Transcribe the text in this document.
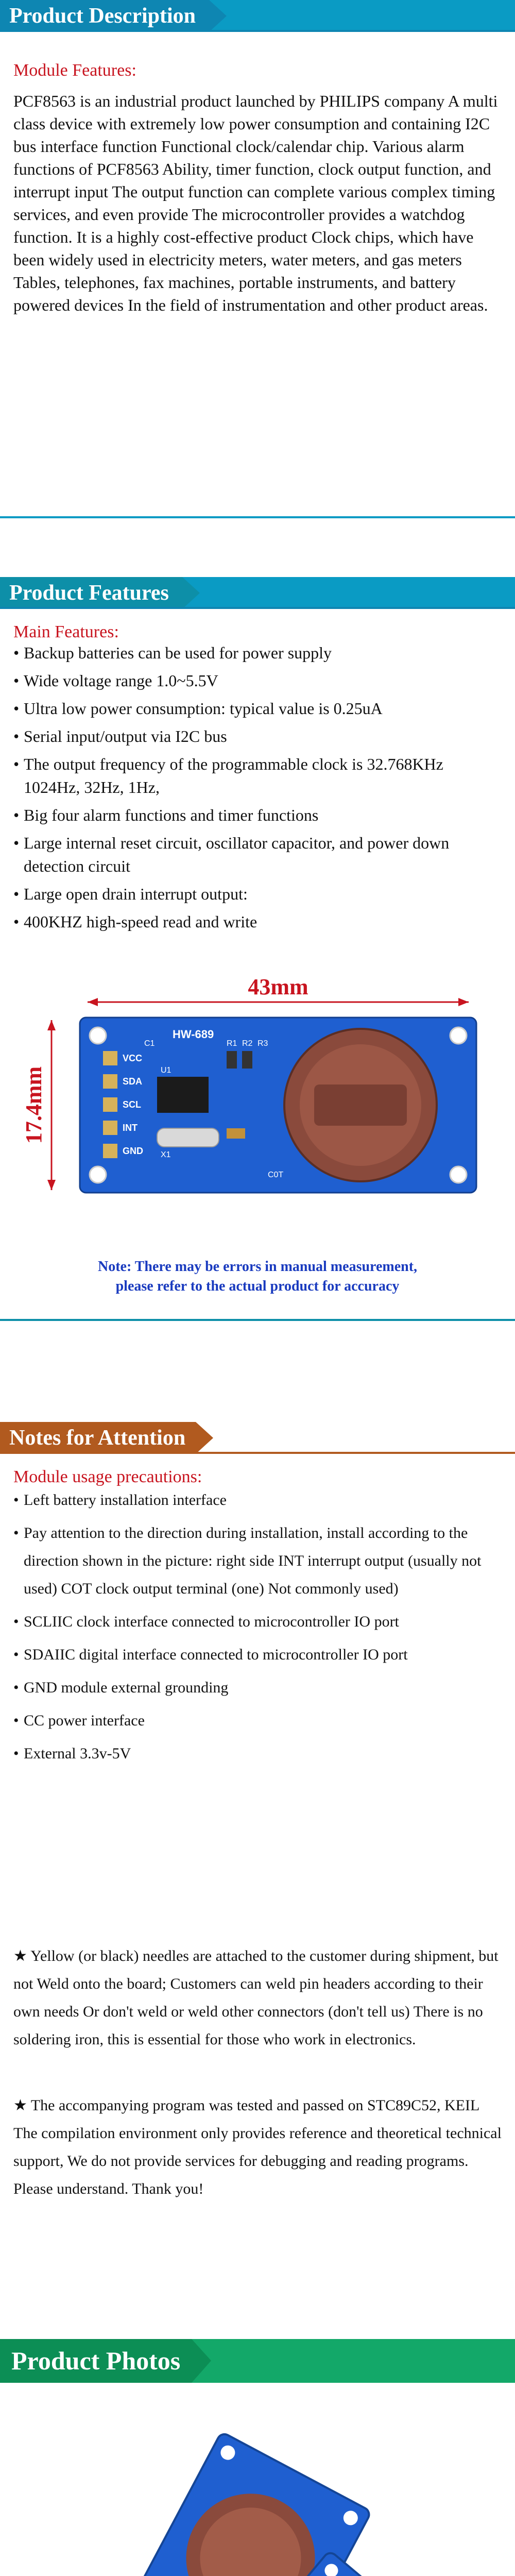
Product Description
Module Features:
PCF8563 is an industrial product launched by PHILIPS company A multi class device with extremely low power consumption and containing I2C bus interface function Functional clock/calendar chip. Various alarm functions of PCF8563 Ability, timer function, clock output function, and interrupt input The output function can complete various complex timing services, and even provide The microcontroller provides a watchdog function. It is a highly cost-effective product Clock chips, which have been widely used in electricity meters, water meters, and gas meters Tables, telephones, fax machines, portable instruments, and battery powered devices In the field of instrumentation and other product areas.
Product Features
Main Features:
• Backup batteries can be used for power supply
• Wide voltage range 1.0~5.5V
• Ultra low power consumption: typical value is 0.25uA
• Serial input/output via I2C bus
• The output frequency of the programmable clock is 32.768KHz 1024Hz, 32Hz, 1Hz,
• Big four alarm functions and timer functions
• Large internal reset circuit, oscillator capacitor, and power down detection circuit
• Large open drain interrupt output:
• 400KHZ high-speed read and write
43mm
17.4mm
VCC
SDA
SCL
INT
GND
U1
X1
C1	R1 R2 R3
HW-689
C0T
Note: There may be errors in manual measurement,
please refer to the actual product for accuracy
Notes for Attention
Module usage precautions:
• Left battery installation interface
• Pay attention to the direction during installation, install according to the direction shown in the picture: right side INT interrupt output (usually not used) COT clock output terminal (one) Not commonly used)
• SCLIIC clock interface connected to microcontroller IO port
• SDAIIC digital interface connected to microcontroller IO port
• GND module external grounding
• CC power interface
• External 3.3v-5V
★ Yellow (or black) needles are attached to the customer during shipment, but not Weld onto the board; Customers can weld pin headers according to their own needs Or don't weld or weld other connectors (don't tell us) There is no soldering iron, this is essential for those who work in electronics.
★ The accompanying program was tested and passed on STC89C52, KEIL The compilation environment only provides reference and theoretical technical support, We do not provide services for debugging and reading programs. Please understand. Thank you!
Product Photos
